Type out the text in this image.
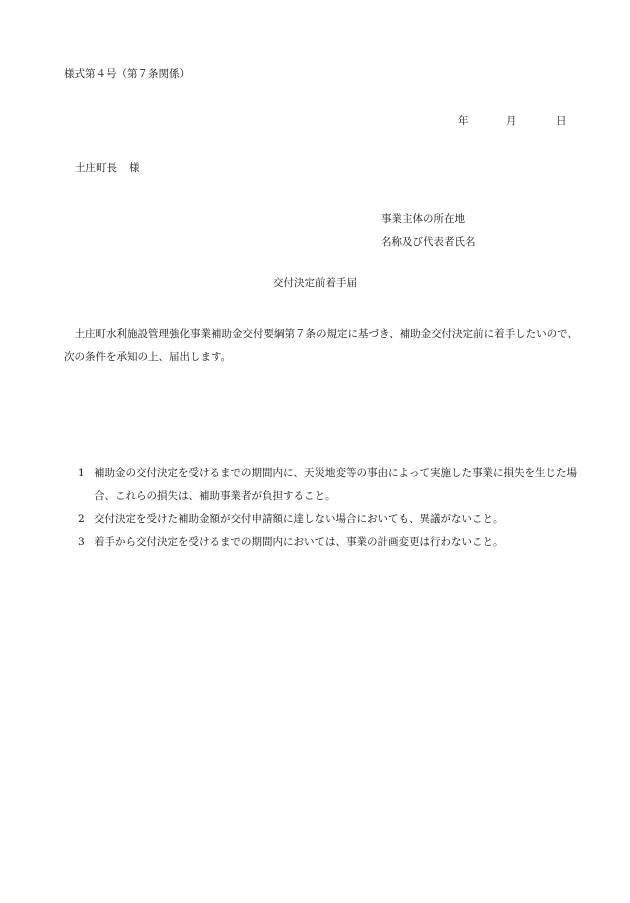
様式第４号（第７条関係）
年	月	日
土庄町長 様
事業主体の所在地
名称及び代表者氏名
交付決定前着手届
土庄町水利施設管理強化事業補助金交付要綱第７条の規定に基づき、補助金交付決定前に着手したいので、次の条件を承知の上、届出します。
1 補助金の交付決定を受けるまでの期間内に、天災地変等の事由によって実施した事業に損失を生じた場合、これらの損失は、補助事業者が負担すること。
2 交付決定を受けた補助金額が交付申請額に達しない場合においても、異議がないこと。
3 着手から交付決定を受けるまでの期間内においては、事業の計画変更は行わないこと。
